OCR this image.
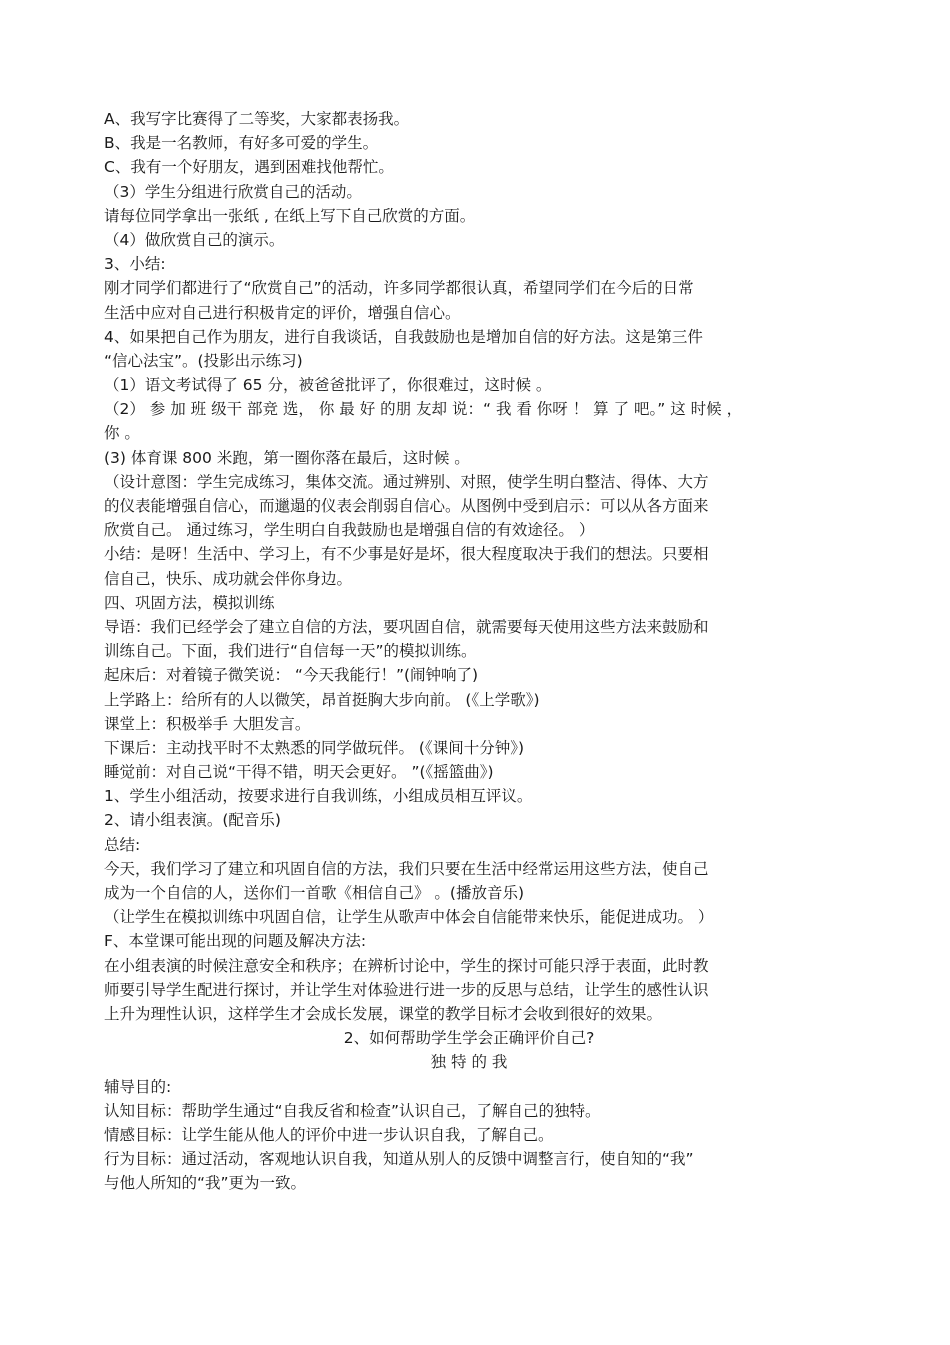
A、我写字比赛得了二等奖，大家都表扬我。
B、我是一名教师，有好多可爱的学生。
C、我有一个好朋友，遇到困难找他帮忙。
（3）学生分组进行欣赏自己的活动。
请每位同学拿出一张纸 , 在纸上写下自己欣赏的方面。
（4）做欣赏自己的演示。
3、小结:
刚才同学们都进行了“欣赏自己”的活动，许多同学都很认真，希望同学们在今后的日常
生活中应对自己进行积极肯定的评价，增强自信心。
4、如果把自己作为朋友，进行自我谈话，自我鼓励也是增加自信的好方法。这是第三件
“信心法宝”。(投影出示练习)
（1）语文考试得了 65 分，被爸爸批评了，你很难过，这时候 。
（2） 参 加 班 级干 部竞 选， 你 最 好 的朋 友却 说：“ 我 看 你呀 ！ 算 了 吧。” 这 时候 ，
你 。
(3) 体育课 800 米跑，第一圈你落在最后，这时候 。
（设计意图：学生完成练习，集体交流。通过辨别、对照，使学生明白整洁、得体、大方
的仪表能增强自信心，而邋遢的仪表会削弱自信心。从图例中受到启示：可以从各方面来
欣赏自己。 通过练习，学生明白自我鼓励也是增强自信的有效途径。 ）
小结：是呀！生活中、学习上，有不少事是好是坏，很大程度取决于我们的想法。只要相
信自己，快乐、成功就会伴你身边。
四、巩固方法，模拟训练
导语：我们已经学会了建立自信的方法，要巩固自信，就需要每天使用这些方法来鼓励和
训练自己。下面，我们进行“自信每一天”的模拟训练。
起床后：对着镜子微笑说： “今天我能行！”(闹钟响了)
上学路上：给所有的人以微笑，昂首挺胸大步向前。 (《上学歌》)
课堂上：积极举手 大胆发言。
下课后：主动找平时不太熟悉的同学做玩伴。 (《课间十分钟》)
睡觉前：对自己说“干得不错，明天会更好。 ”(《摇篮曲》)
1、学生小组活动，按要求进行自我训练，小组成员相互评议。
2、请小组表演。(配音乐)
总结:
今天，我们学习了建立和巩固自信的方法，我们只要在生活中经常运用这些方法，使自己
成为一个自信的人，送你们一首歌《相信自己》 。(播放音乐)
（让学生在模拟训练中巩固自信，让学生从歌声中体会自信能带来快乐，能促进成功。 ）
F、本堂课可能出现的问题及解决方法:
在小组表演的时候注意安全和秩序；在辨析讨论中，学生的探讨可能只浮于表面，此时教
师要引导学生配进行探讨，并让学生对体验进行进一步的反思与总结，让学生的感性认识
上升为理性认识，这样学生才会成长发展，课堂的教学目标才会收到很好的效果。
2、如何帮助学生学会正确评价自己?
独 特 的 我
辅导目的:
认知目标：帮助学生通过“自我反省和检查”认识自己，了解自己的独特。
情感目标：让学生能从他人的评价中进一步认识自我，了解自己。
行为目标：通过活动，客观地认识自我，知道从别人的反馈中调整言行，使自知的“我”
与他人所知的“我”更为一致。
